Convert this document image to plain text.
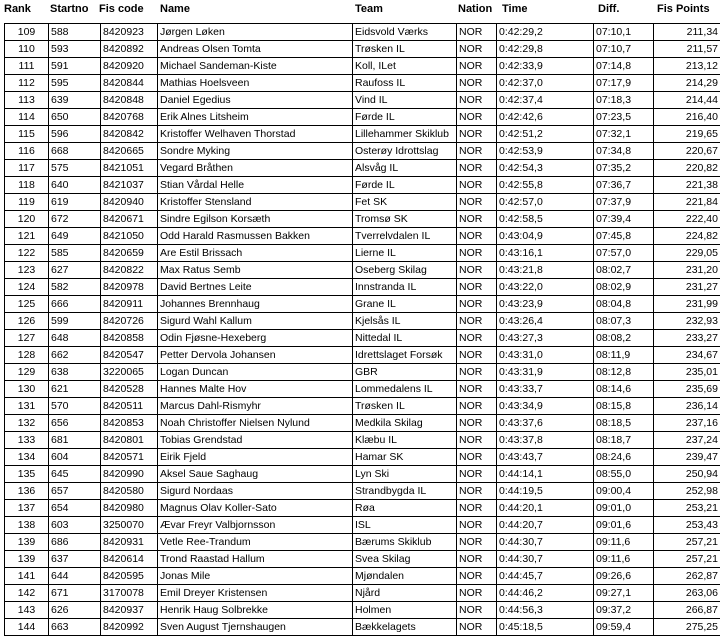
Rank Startno Fis code Name	Team	Nation Time	Diff.	Fis Points
109	588	8420923	Jørgen Løken	Eidsvold Værks	NOR	0:42:29,2	07:10,1	211,34
110	593	8420892	Andreas Olsen Tomta	Trøsken IL	NOR	0:42:29,8	07:10,7	211,57
111	591	8420920	Michael Sandeman-Kiste	Koll, ILet	NOR	0:42:33,9	07:14,8	213,12
112	595	8420844	Mathias Hoelsveen	Raufoss IL	NOR	0:42:37,0	07:17,9	214,29
113	639	8420848	Daniel Egedius	Vind IL	NOR	0:42:37,4	07:18,3	214,44
114	650	8420768	Erik Alnes Litsheim	Førde IL	NOR	0:42:42,6	07:23,5	216,40
115	596	8420842	Kristoffer Welhaven Thorstad	Lillehammer Skiklub	NOR	0:42:51,2	07:32,1	219,65
116	668	8420665	Sondre Myking	Osterøy Idrottslag	NOR	0:42:53,9	07:34,8	220,67
117	575	8421051	Vegard Bråthen	Alsvåg IL	NOR	0:42:54,3	07:35,2	220,82
118	640	8421037	Stian Vårdal Helle	Førde IL	NOR	0:42:55,8	07:36,7	221,38
119	619	8420940	Kristoffer Stensland	Fet SK	NOR	0:42:57,0	07:37,9	221,84
120	672	8420671	Sindre Egilson Korsæth	Tromsø SK	NOR	0:42:58,5	07:39,4	222,40
121	649	8421050	Odd Harald Rasmussen Bakken	Tverrelvdalen IL	NOR	0:43:04,9	07:45,8	224,82
122	585	8420659	Are Estil Brissach	Lierne IL	NOR	0:43:16,1	07:57,0	229,05
123	627	8420822	Max Ratus Semb	Oseberg Skilag	NOR	0:43:21,8	08:02,7	231,20
124	582	8420978	David Bertnes Leite	Innstranda IL	NOR	0:43:22,0	08:02,9	231,27
125	666	8420911	Johannes Brennhaug	Grane IL	NOR	0:43:23,9	08:04,8	231,99
126	599	8420726	Sigurd Wahl Kallum	Kjelsås IL	NOR	0:43:26,4	08:07,3	232,93
127	648	8420858	Odin Fjøsne-Hexeberg	Nittedal IL	NOR	0:43:27,3	08:08,2	233,27
128	662	8420547	Petter Dervola Johansen	Idrettslaget Forsøk	NOR	0:43:31,0	08:11,9	234,67
129	638	3220065	Logan Duncan	GBR	NOR	0:43:31,9	08:12,8	235,01
130	621	8420528	Hannes Malte Hov	Lommedalens IL	NOR	0:43:33,7	08:14,6	235,69
131	570	8420511	Marcus Dahl-Rismyhr	Trøsken IL	NOR	0:43:34,9	08:15,8	236,14
132	656	8420853	Noah Christoffer Nielsen Nylund	Medkila Skilag	NOR	0:43:37,6	08:18,5	237,16
133	681	8420801	Tobias Grendstad	Klæbu IL	NOR	0:43:37,8	08:18,7	237,24
134	604	8420571	Eirik Fjeld	Hamar SK	NOR	0:43:43,7	08:24,6	239,47
135	645	8420990	Aksel Saue Saghaug	Lyn Ski	NOR	0:44:14,1	08:55,0	250,94
136	657	8420580	Sigurd Nordaas	Strandbygda IL	NOR	0:44:19,5	09:00,4	252,98
137	654	8420980	Magnus Olav Koller-Sato	Røa	NOR	0:44:20,1	09:01,0	253,21
138	603	3250070	Ævar Freyr Valbjornsson	ISL	NOR	0:44:20,7	09:01,6	253,43
139	686	8420931	Vetle Ree-Trandum	Bærums Skiklub	NOR	0:44:30,7	09:11,6	257,21
139	637	8420614	Trond Raastad Hallum	Svea Skilag	NOR	0:44:30,7	09:11,6	257,21
141	644	8420595	Jonas Mile	Mjøndalen	NOR	0:44:45,7	09:26,6	262,87
142	671	3170078	Emil Dreyer Kristensen	Njård	NOR	0:44:46,2	09:27,1	263,06
143	626	8420937	Henrik Haug Solbrekke	Holmen	NOR	0:44:56,3	09:37,2	266,87
144	663	8420992	Sven August Tjernshaugen	Bækkelagets	NOR	0:45:18,5	09:59,4	275,25
